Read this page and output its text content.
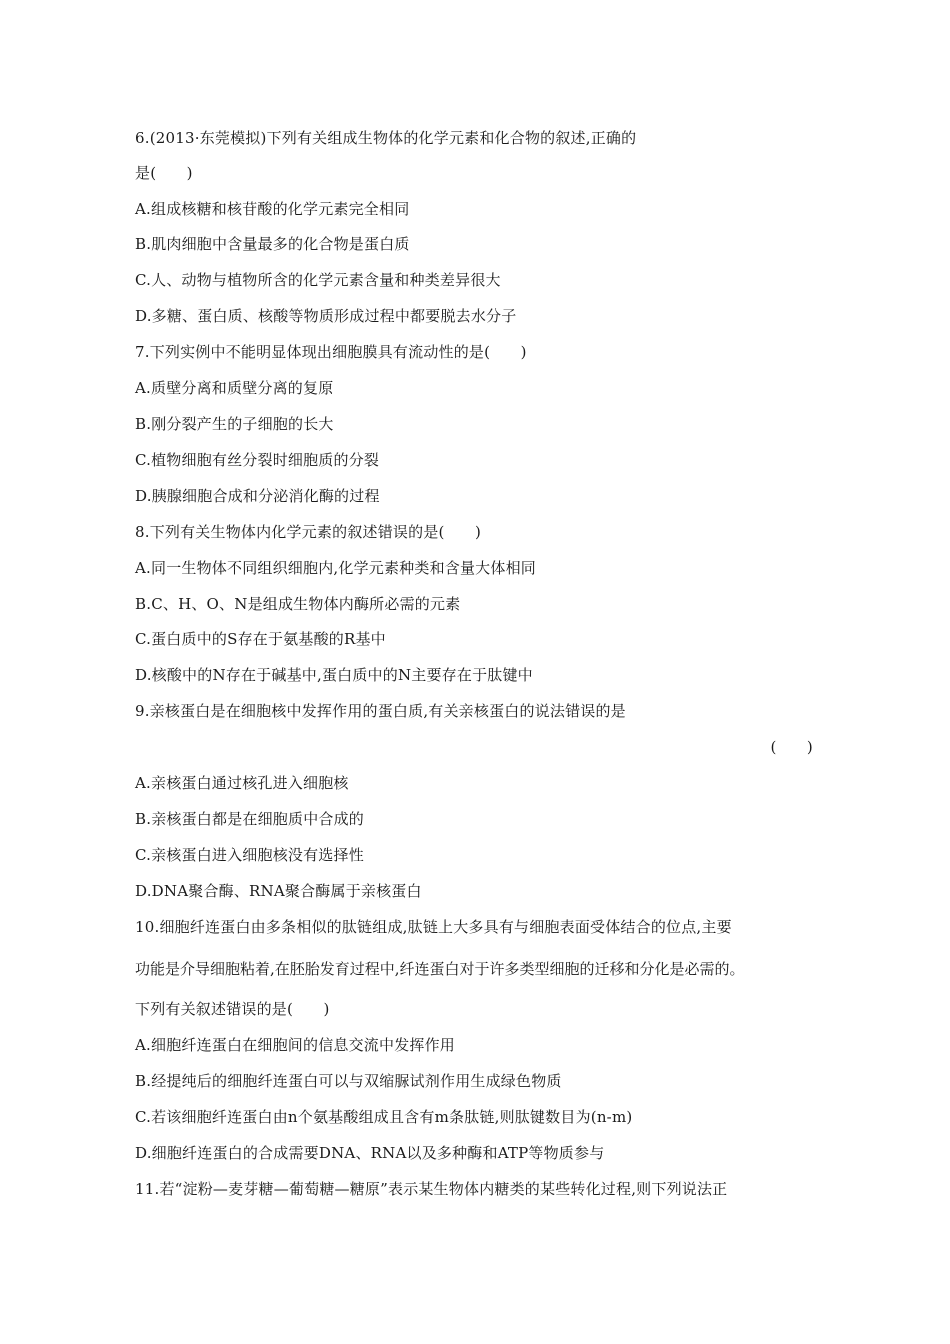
6.(2013·东莞模拟)下列有关组成生物体的化学元素和化合物的叙述,正确的
是(　　)
A.组成核糖和核苷酸的化学元素完全相同
B.肌肉细胞中含量最多的化合物是蛋白质
C.人、动物与植物所含的化学元素含量和种类差异很大
D.多糖、蛋白质、核酸等物质形成过程中都要脱去水分子
7.下列实例中不能明显体现出细胞膜具有流动性的是(　　)
A.质壁分离和质壁分离的复原
B.刚分裂产生的子细胞的长大
C.植物细胞有丝分裂时细胞质的分裂
D.胰腺细胞合成和分泌消化酶的过程
8.下列有关生物体内化学元素的叙述错误的是(　　)
A.同一生物体不同组织细胞内,化学元素种类和含量大体相同
B.C、H、O、N是组成生物体内酶所必需的元素
C.蛋白质中的S存在于氨基酸的R基中
D.核酸中的N存在于碱基中,蛋白质中的N主要存在于肽键中
9.亲核蛋白是在细胞核中发挥作用的蛋白质,有关亲核蛋白的说法错误的是
(　　)
A.亲核蛋白通过核孔进入细胞核
B.亲核蛋白都是在细胞质中合成的
C.亲核蛋白进入细胞核没有选择性
D.DNA聚合酶、RNA聚合酶属于亲核蛋白
10.细胞纤连蛋白由多条相似的肽链组成,肽链上大多具有与细胞表面受体结合的位点,主要
功能是介导细胞粘着,在胚胎发育过程中,纤连蛋白对于许多类型细胞的迁移和分化是必需的。
下列有关叙述错误的是(　　)
A.细胞纤连蛋白在细胞间的信息交流中发挥作用
B.经提纯后的细胞纤连蛋白可以与双缩脲试剂作用生成绿色物质
C.若该细胞纤连蛋白由n个氨基酸组成且含有m条肽链,则肽键数目为(n-m)
D.细胞纤连蛋白的合成需要DNA、RNA以及多种酶和ATP等物质参与
11.若“淀粉—麦芽糖—葡萄糖—糖原”表示某生物体内糖类的某些转化过程,则下列说法正
